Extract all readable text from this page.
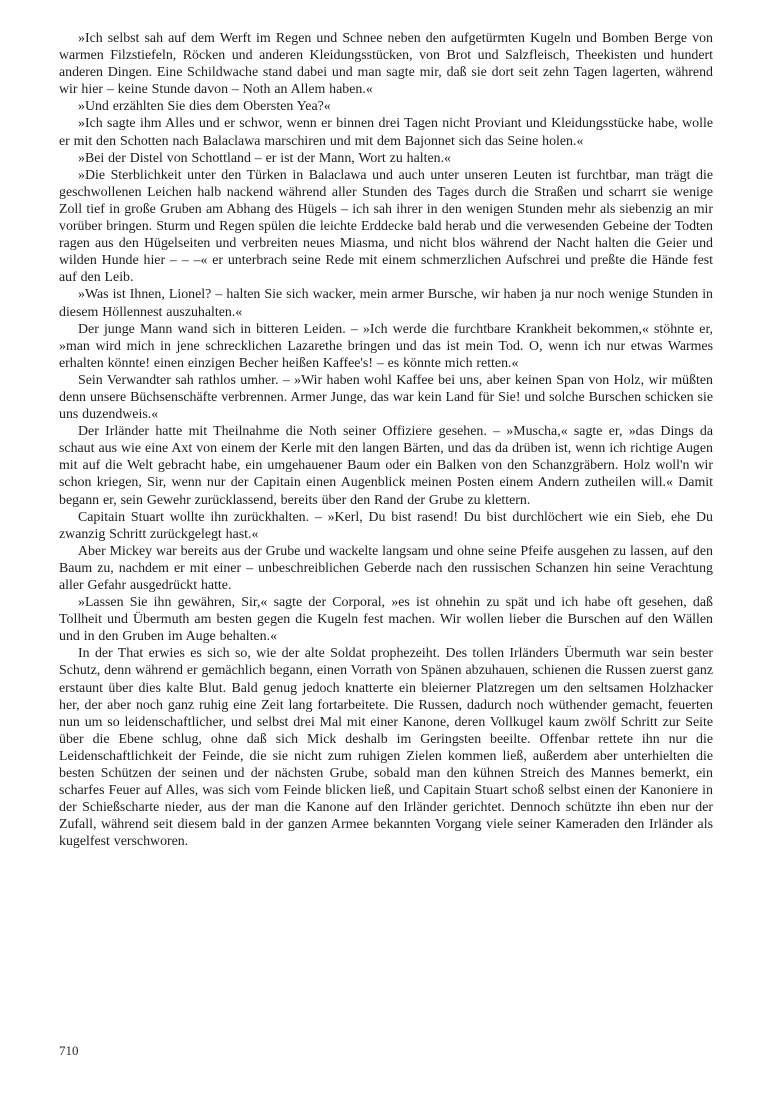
»Ich selbst sah auf dem Werft im Regen und Schnee neben den aufgetürmten Kugeln und Bomben Berge von warmen Filzstiefeln, Röcken und anderen Kleidungsstücken, von Brot und Salzfleisch, Theekisten und hundert anderen Dingen. Eine Schildwache stand dabei und man sagte mir, daß sie dort seit zehn Tagen lagerten, während wir hier – keine Stunde davon – Noth an Allem haben.«

»Und erzählten Sie dies dem Obersten Yea?«

»Ich sagte ihm Alles und er schwor, wenn er binnen drei Tagen nicht Proviant und Kleidungsstücke habe, wolle er mit den Schotten nach Balaclawa marschiren und mit dem Bajonnet sich das Seine holen.«

»Bei der Distel von Schottland – er ist der Mann, Wort zu halten.«

»Die Sterblichkeit unter den Türken in Balaclawa und auch unter unseren Leuten ist furchtbar, man trägt die geschwollenen Leichen halb nackend während aller Stunden des Tages durch die Straßen und scharrt sie wenige Zoll tief in große Gruben am Abhang des Hügels – ich sah ihrer in den wenigen Stunden mehr als siebenzig an mir vorüber bringen. Sturm und Regen spülen die leichte Erddecke bald herab und die verwesenden Gebeine der Todten ragen aus den Hügelseiten und verbreiten neues Miasma, und nicht blos während der Nacht halten die Geier und wilden Hunde hier – – –« er unterbrach seine Rede mit einem schmerzlichen Aufschrei und preßte die Hände fest auf den Leib.

»Was ist Ihnen, Lionel? – halten Sie sich wacker, mein armer Bursche, wir haben ja nur noch wenige Stunden in diesem Höllennest auszuhalten.«

Der junge Mann wand sich in bitteren Leiden. – »Ich werde die furchtbare Krankheit bekommen,« stöhnte er, »man wird mich in jene schrecklichen Lazarethe bringen und das ist mein Tod. O, wenn ich nur etwas Warmes erhalten könnte! einen einzigen Becher heißen Kaffee's! – es könnte mich retten.«

Sein Verwandter sah rathlos umher. – »Wir haben wohl Kaffee bei uns, aber keinen Span von Holz, wir müßten denn unsere Büchsenschäfte verbrennen. Armer Junge, das war kein Land für Sie! und solche Burschen schicken sie uns duzendweis.«

Der Irländer hatte mit Theilnahme die Noth seiner Offiziere gesehen. – »Muscha,« sagte er, »das Dings da schaut aus wie eine Axt von einem der Kerle mit den langen Bärten, und das da drüben ist, wenn ich richtige Augen mit auf die Welt gebracht habe, ein umgehauener Baum oder ein Balken von den Schanzgräbern. Holz woll'n wir schon kriegen, Sir, wenn nur der Capitain einen Augenblick meinen Posten einem Andern zutheilen will.« Damit begann er, sein Gewehr zurücklassend, bereits über den Rand der Grube zu klettern.

Capitain Stuart wollte ihn zurückhalten. – »Kerl, Du bist rasend! Du bist durchlöchert wie ein Sieb, ehe Du zwanzig Schritt zurückgelegt hast.«

Aber Mickey war bereits aus der Grube und wackelte langsam und ohne seine Pfeife ausgehen zu lassen, auf den Baum zu, nachdem er mit einer – unbeschreiblichen Geberde nach den russischen Schanzen hin seine Verachtung aller Gefahr ausgedrückt hatte.

»Lassen Sie ihn gewähren, Sir,« sagte der Corporal, »es ist ohnehin zu spät und ich habe oft gesehen, daß Tollheit und Übermuth am besten gegen die Kugeln fest machen. Wir wollen lieber die Burschen auf den Wällen und in den Gruben im Auge behalten.«

In der That erwies es sich so, wie der alte Soldat prophezeiht. Des tollen Irländers Übermuth war sein bester Schutz, denn während er gemächlich begann, einen Vorrath von Spänen abzuhauen, schienen die Russen zuerst ganz erstaunt über dies kalte Blut. Bald genug jedoch knatterte ein bleierner Platzregen um den seltsamen Holzhacker her, der aber noch ganz ruhig eine Zeit lang fortarbeitete. Die Russen, dadurch noch wüthender gemacht, feuerten nun um so leidenschaftlicher, und selbst drei Mal mit einer Kanone, deren Vollkugel kaum zwölf Schritt zur Seite über die Ebene schlug, ohne daß sich Mick deshalb im Geringsten beeilte. Offenbar rettete ihn nur die Leidenschaftlichkeit der Feinde, die sie nicht zum ruhigen Zielen kommen ließ, außerdem aber unterhielten die besten Schützen der seinen und der nächsten Grube, sobald man den kühnen Streich des Mannes bemerkt, ein scharfes Feuer auf Alles, was sich vom Feinde blicken ließ, und Capitain Stuart schoß selbst einen der Kanoniere in der Schießscharte nieder, aus der man die Kanone auf den Irländer gerichtet. Dennoch schützte ihn eben nur der Zufall, während seit diesem bald in der ganzen Armee bekannten Vorgang viele seiner Kameraden den Irländer als kugelfest verschworen.

710
